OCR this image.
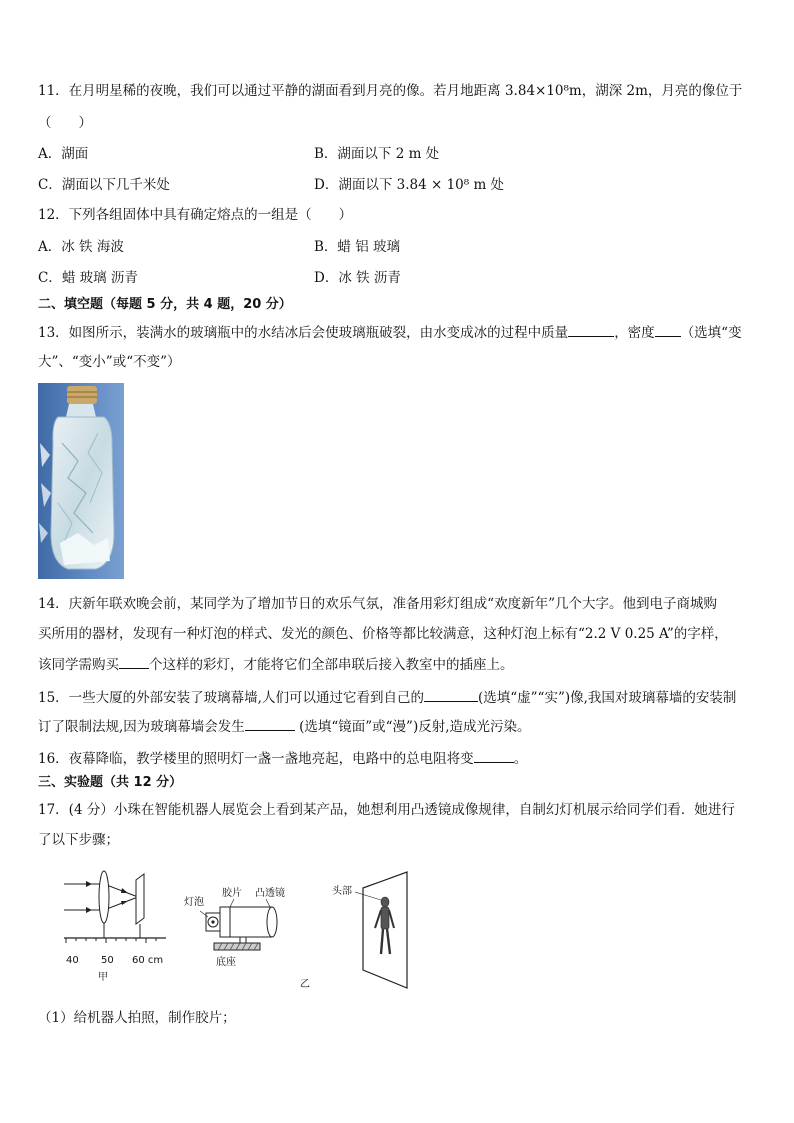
11．在月明星稀的夜晚，我们可以通过平静的湖面看到月亮的像。若月地距离 3.84×10⁸m，湖深 2m，月亮的像位于
（　　）
A．湖面	B．湖面以下 2 m 处
C．湖面以下几千米处	D．湖面以下 3.84 × 10⁸ m 处
12．下列各组固体中具有确定熔点的一组是（　　）
A．冰 铁 海波	B．蜡 铝 玻璃
C．蜡 玻璃 沥青	D．冰 铁 沥青
二、填空题（每题 5 分，共 4 题，20 分）
13．如图所示，装满水的玻璃瓶中的水结冰后会使玻璃瓶破裂，由水变成冰的过程中质量	，密度 （选填“变
大”、“变小”或“不变”）
14．庆新年联欢晚会前，某同学为了增加节日的欢乐气氛，准备用彩灯组成“欢度新年”几个大字。他到电子商城购
买所用的器材，发现有一种灯泡的样式、发光的颜色、价格等都比较满意，这种灯泡上标有“2.2 V 0.25 A”的字样，
该同学需购买 个这样的彩灯，才能将它们全部串联后接入教室中的插座上。
15．一些大厦的外部安装了玻璃幕墙,人们可以通过它看到自己的	(选填“虚”“实”)像,我国对玻璃幕墙的安装制
订了限制法规,因为玻璃幕墙会发生	(选填“镜面”或“漫”)反射,造成光污染。
16．夜幕降临，教学楼里的照明灯一盏一盏地亮起，电路中的总电阻将变	。
三、实验题（共 12 分）
17．(4 分）小珠在智能机器人展览会上看到某产品，她想利用凸透镜成像规律，自制幻灯机展示给同学们看．她进行
了以下步骤；
40 50 60 cm
甲
灯泡
胶片 凸透镜
底座
乙
头部
（1）给机器人拍照，制作胶片；
